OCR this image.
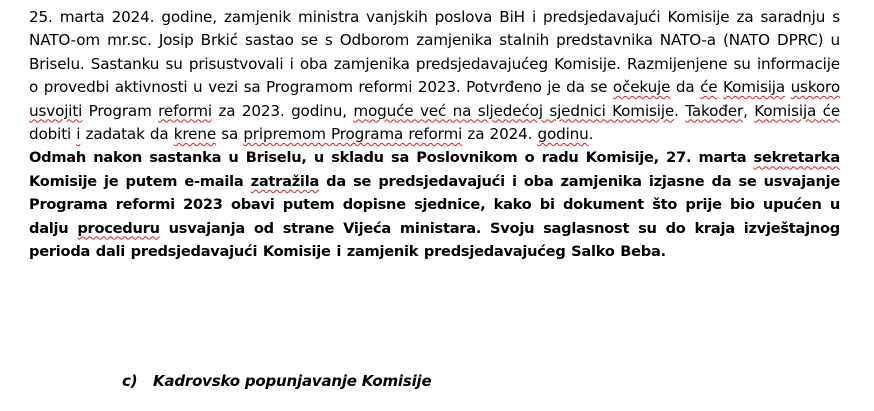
25. marta 2024. godine, zamjenik ministra vanjskih poslova BiH i predsjedavajući Komisije za saradnju s NATO-om mr.sc. Josip Brkić sastao se s Odborom zamjenika stalnih predstavnika NATO-a (NATO DPRC) u Briselu. Sastanku su prisustvovali i oba zamjenika predsjedavajućeg Komisije. Razmijenjene su informacije o provedbi aktivnosti u vezi sa Programom reformi 2023. Potvrđeno je da se očekuje da će Komisija uskoro usvojiti Program reformi za 2023. godinu, moguće već na sljedećoj sjednici Komisije. Također, Komisija će dobiti i zadatak da krene sa pripremom Programa reformi za 2024. godinu.

Odmah nakon sastanka u Briselu, u skladu sa Poslovnikom o radu Komisije, 27. marta sekretarka Komisije je putem e-maila zatražila da se predsjedavajući i oba zamjenika izjasne da se usvajanje Programa reformi 2023 obavi putem dopisne sjednice, kako bi dokument što prije bio upućen u dalju proceduru usvajanja od strane Vijeća ministara. Svoju saglasnost su do kraja izvještajnog perioda dali predsjedavajući Komisije i zamjenik predsjedavajućeg Salko Beba.

c) Kadrovsko popunjavanje Komisije
